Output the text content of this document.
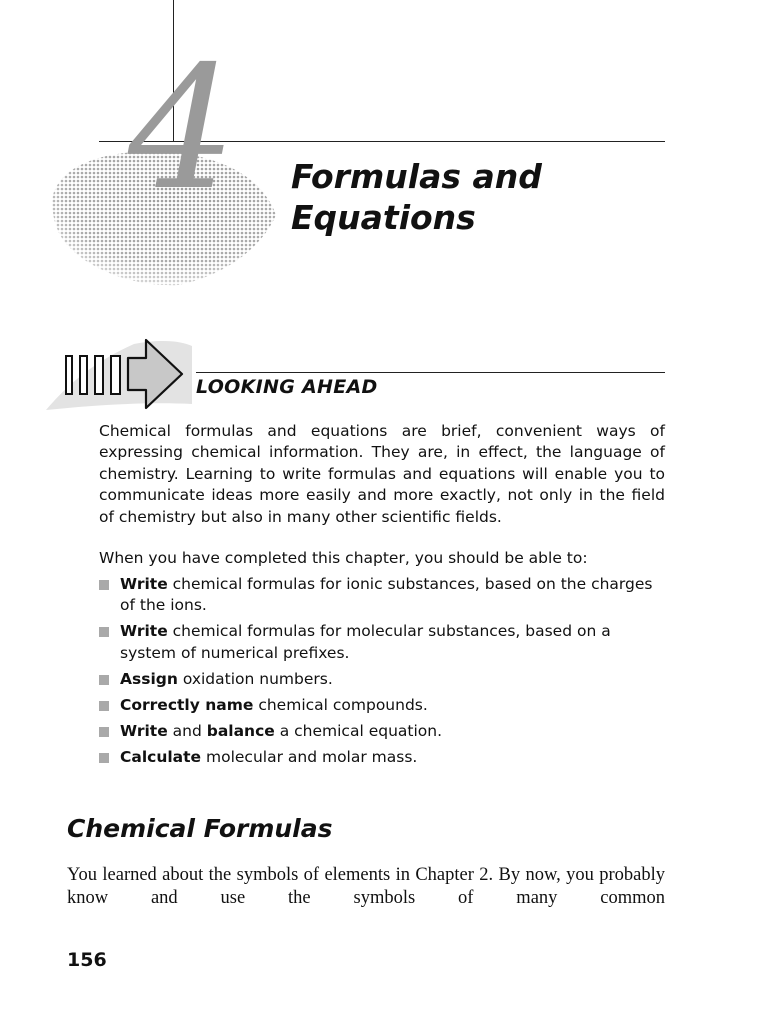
4 Formulas and Equations
LOOKING AHEAD

Chemical formulas and equations are brief, convenient ways of expressing chemical information. They are, in effect, the language of chemistry. Learning to write formulas and equations will enable you to communicate ideas more easily and more exactly, not only in the field of chemistry but also in many other scientific fields.

When you have completed this chapter, you should be able to:

Write chemical formulas for ionic substances, based on the charges of the ions.
Write chemical formulas for molecular substances, based on a system of numerical prefixes.
Assign oxidation numbers.
Correctly name chemical compounds.
Write and balance a chemical equation.
Calculate molecular and molar mass.
Chemical Formulas

You learned about the symbols of elements in Chapter 2. By now, you probably know and use the symbols of many common

156
